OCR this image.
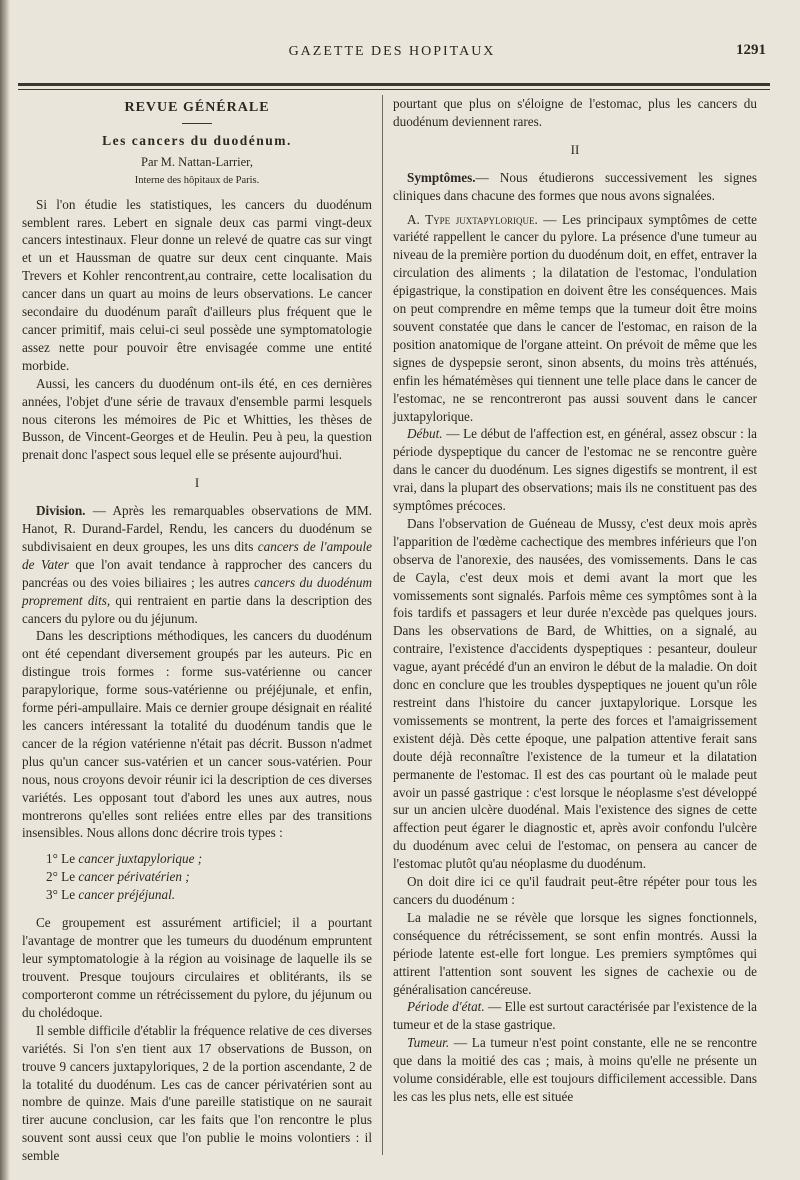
GAZETTE DES HOPITAUX	1291
REVUE GÉNÉRALE
Les cancers du duodénum.
Par M. Nattan-Larrier,
Interne des hôpitaux de Paris.

Si l'on étudie les statistiques, les cancers du duodénum semblent rares. Lebert en signale deux cas parmi vingt-deux cancers intestinaux. Fleur donne un relevé de quatre cas sur vingt et un et Haussman de quatre sur deux cent cinquante. Mais Trevers et Kohler rencontrent,au contraire, cette localisation du cancer dans un quart au moins de leurs observations. Le cancer secondaire du duodénum paraît d'ailleurs plus fréquent que le cancer primitif, mais celui-ci seul possède une symptomatologie assez nette pour pouvoir être envisagée comme une entité morbide.

Aussi, les cancers du duodénum ont-ils été, en ces dernières années, l'objet d'une série de travaux d'ensemble parmi lesquels nous citerons les mémoires de Pic et Whitties, les thèses de Busson, de Vincent-Georges et de Heulin. Peu à peu, la question prenait donc l'aspect sous lequel elle se présente aujourd'hui.

I

Division. — Après les remarquables observations de MM. Hanot, R. Durand-Fardel, Rendu, les cancers du duodénum se subdivisaient en deux groupes, les uns dits cancers de l'ampoule de Vater que l'on avait tendance à rapprocher des cancers du pancréas ou des voies biliaires ; les autres cancers du duodénum proprement dits, qui rentraient en partie dans la description des cancers du pylore ou du jéjunum.

Dans les descriptions méthodiques, les cancers du duodénum ont été cependant diversement groupés par les auteurs. Pic en distingue trois formes : forme sus-vatérienne ou cancer parapylorique, forme sous-vatérienne ou préjéjunale, et enfin, forme péri-ampullaire. Mais ce dernier groupe désignait en réalité les cancers intéressant la totalité du duodénum tandis que le cancer de la région vatérienne n'était pas décrit. Busson n'admet plus qu'un cancer sus-vatérien et un cancer sous-vatérien. Pour nous, nous croyons devoir réunir ici la description de ces diverses variétés. Les opposant tout d'abord les unes aux autres, nous montrerons qu'elles sont reliées entre elles par des transitions insensibles. Nous allons donc décrire trois types :

1° Le cancer juxtapylorique ;
2° Le cancer périvatérien ;
3° Le cancer préjéjunal.

Ce groupement est assurément artificiel; il a pourtant l'avantage de montrer que les tumeurs du duodénum empruntent leur symptomatologie à la région au voisinage de laquelle ils se trouvent. Presque toujours circulaires et oblitérants, ils se comporteront comme un rétrécissement du pylore, du jéjunum ou du cholédoque.

Il semble difficile d'établir la fréquence relative de ces diverses variétés. Si l'on s'en tient aux 17 observations de Busson, on trouve 9 cancers juxtapyloriques, 2 de la portion ascendante, 2 de la totalité du duodénum. Les cas de cancer périvatérien sont au nombre de quinze. Mais d'une pareille statistique on ne saurait tirer aucune conclusion, car les faits que l'on rencontre le plus souvent sont aussi ceux que l'on publie le moins volontiers : il semble

pourtant que plus on s'éloigne de l'estomac, plus les cancers du duodénum deviennent rares.

II

Symptômes.— Nous étudierons successivement les signes cliniques dans chacune des formes que nous avons signalées.

A. Type juxtapylorique. — Les principaux symptômes de cette variété rappellent le cancer du pylore. La présence d'une tumeur au niveau de la première portion du duodénum doit, en effet, entraver la circulation des aliments ; la dilatation de l'estomac, l'ondulation épigastrique, la constipation en doivent être les conséquences. Mais on peut comprendre en même temps que la tumeur doit être moins souvent constatée que dans le cancer de l'estomac, en raison de la position anatomique de l'organe atteint. On prévoit de même que les signes de dyspepsie seront, sinon absents, du moins très atténués, enfin les hématémèses qui tiennent une telle place dans le cancer de l'estomac, ne se rencontreront pas aussi souvent dans le cancer juxtapylorique.

Début. — Le début de l'affection est, en général, assez obscur : la période dyspeptique du cancer de l'estomac ne se rencontre guère dans le cancer du duodénum. Les signes digestifs se montrent, il est vrai, dans la plupart des observations; mais ils ne constituent pas des symptômes précoces.

Dans l'observation de Guéneau de Mussy, c'est deux mois après l'apparition de l'œdème cachectique des membres inférieurs que l'on observa de l'anorexie, des nausées, des vomissements. Dans le cas de Cayla, c'est deux mois et demi avant la mort que les vomissements sont signalés. Parfois même ces symptômes sont à la fois tardifs et passagers et leur durée n'excède pas quelques jours. Dans les observations de Bard, de Whitties, on a signalé, au contraire, l'existence d'accidents dyspeptiques : pesanteur, douleur vague, ayant précédé d'un an environ le début de la maladie. On doit donc en conclure que les troubles dyspeptiques ne jouent qu'un rôle restreint dans l'histoire du cancer juxtapylorique. Lorsque les vomissements se montrent, la perte des forces et l'amaigrissement existent déjà. Dès cette époque, une palpation attentive ferait sans doute déjà reconnaître l'existence de la tumeur et la dilatation permanente de l'estomac. Il est des cas pourtant où le malade peut avoir un passé gastrique : c'est lorsque le néoplasme s'est développé sur un ancien ulcère duodénal. Mais l'existence des signes de cette affection peut égarer le diagnostic et, après avoir confondu l'ulcère du duodénum avec celui de l'estomac, on pensera au cancer de l'estomac plutôt qu'au néoplasme du duodénum.

On doit dire ici ce qu'il faudrait peut-être répéter pour tous les cancers du duodénum :

La maladie ne se révèle que lorsque les signes fonctionnels, conséquence du rétrécissement, se sont enfin montrés. Aussi la période latente est-elle fort longue. Les premiers symptômes qui attirent l'attention sont souvent les signes de cachexie ou de généralisation cancéreuse.

Période d'état. — Elle est surtout caractérisée par l'existence de la tumeur et de la stase gastrique.

Tumeur. — La tumeur n'est point constante, elle ne se rencontre que dans la moitié des cas ; mais, à moins qu'elle ne présente un volume considérable, elle est toujours difficilement accessible. Dans les cas les plus nets, elle est située
